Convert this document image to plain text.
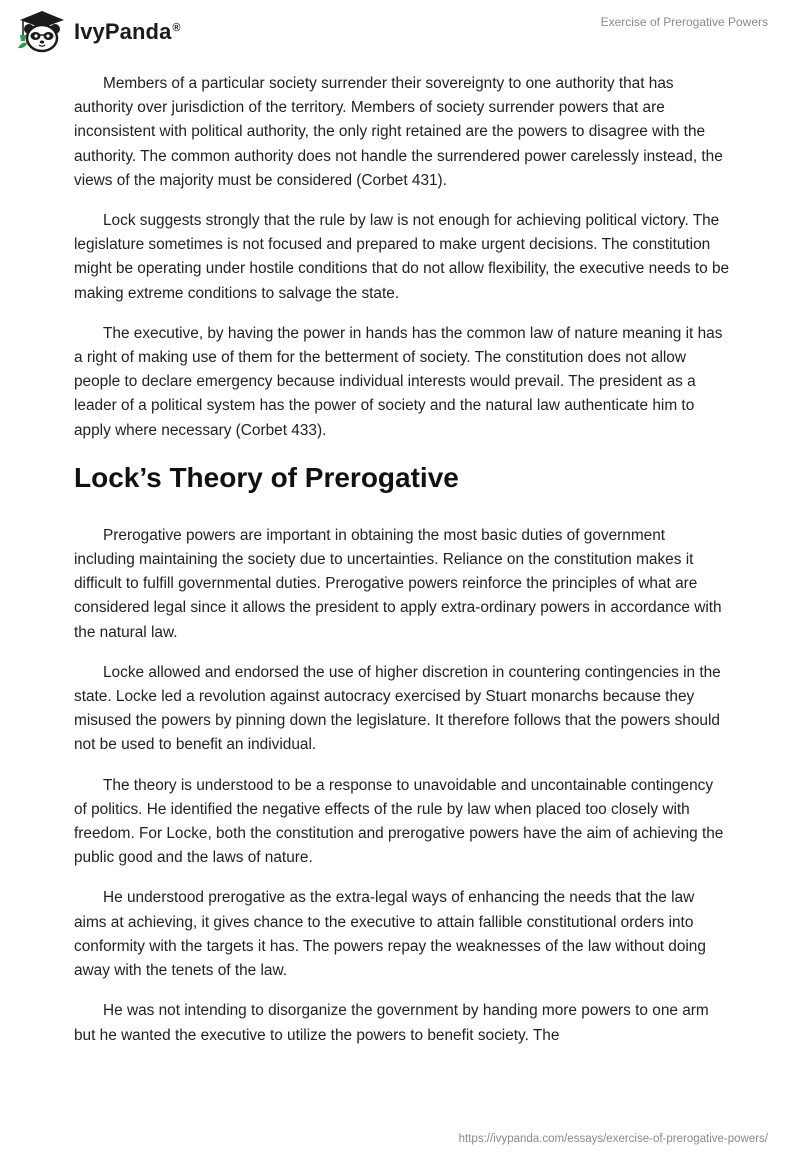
IvyPanda®	Exercise of Prerogative Powers

Members of a particular society surrender their sovereignty to one authority that has authority over jurisdiction of the territory. Members of society surrender powers that are inconsistent with political authority, the only right retained are the powers to disagree with the authority. The common authority does not handle the surrendered power carelessly instead, the views of the majority must be considered (Corbet 431).

Lock suggests strongly that the rule by law is not enough for achieving political victory. The legislature sometimes is not focused and prepared to make urgent decisions. The constitution might be operating under hostile conditions that do not allow flexibility, the executive needs to be making extreme conditions to salvage the state.

The executive, by having the power in hands has the common law of nature meaning it has a right of making use of them for the betterment of society. The constitution does not allow people to declare emergency because individual interests would prevail. The president as a leader of a political system has the power of society and the natural law authenticate him to apply where necessary (Corbet 433).

Lock’s Theory of Prerogative

Prerogative powers are important in obtaining the most basic duties of government including maintaining the society due to uncertainties. Reliance on the constitution makes it difficult to fulfill governmental duties. Prerogative powers reinforce the principles of what are considered legal since it allows the president to apply extra-ordinary powers in accordance with the natural law.

Locke allowed and endorsed the use of higher discretion in countering contingencies in the state. Locke led a revolution against autocracy exercised by Stuart monarchs because they misused the powers by pinning down the legislature. It therefore follows that the powers should not be used to benefit an individual.

The theory is understood to be a response to unavoidable and uncontainable contingency of politics. He identified the negative effects of the rule by law when placed too closely with freedom. For Locke, both the constitution and prerogative powers have the aim of achieving the public good and the laws of nature.

He understood prerogative as the extra-legal ways of enhancing the needs that the law aims at achieving, it gives chance to the executive to attain fallible constitutional orders into conformity with the targets it has. The powers repay the weaknesses of the law without doing away with the tenets of the law.

He was not intending to disorganize the government by handing more powers to one arm but he wanted the executive to utilize the powers to benefit society. The

https://ivypanda.com/essays/exercise-of-prerogative-powers/
